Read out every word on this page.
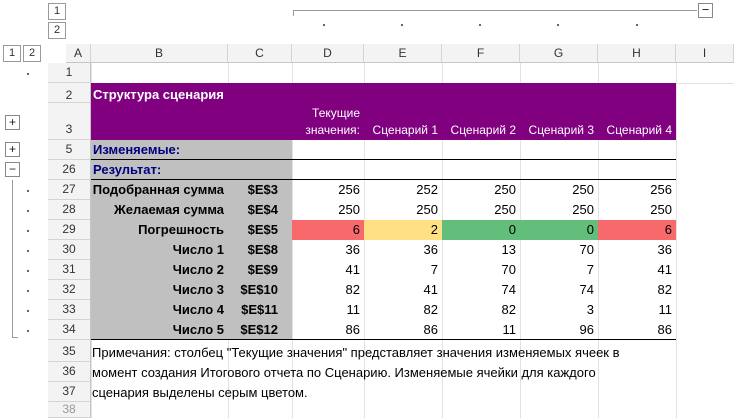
1
2
−
1	2	A	B	C	D	E	F	G	H	I
+
+
−
1
2
3
5
26
27
28
29
30
31
32
33
34
35
36
37
38
Структура сценария
Текущие
значения:	Сценарий 1	Сценарий 2	Сценарий 3	Сценарий 4
Изменяемые:
Результат:
Подобранная сумма	$E$3	256	252	250	250	256
Желаемая сумма	$E$4	250	250	250	250	250
Погрешность	$E$5	6	2	0	0	6
Число 1	$E$8	36	36	13	70	36
Число 2	$E$9	41	7	70	7	41
Число 3	$E$10	82	41	74	74	82
Число 4	$E$11	11	82	82	3	11
Число 5	$E$12	86	86	11	96	86
Примечания: столбец "Текущие значения" представляет значения изменяемых ячеек в
момент создания Итогового отчета по Сценарию. Изменяемые ячейки для каждого
сценария выделены серым цветом.
